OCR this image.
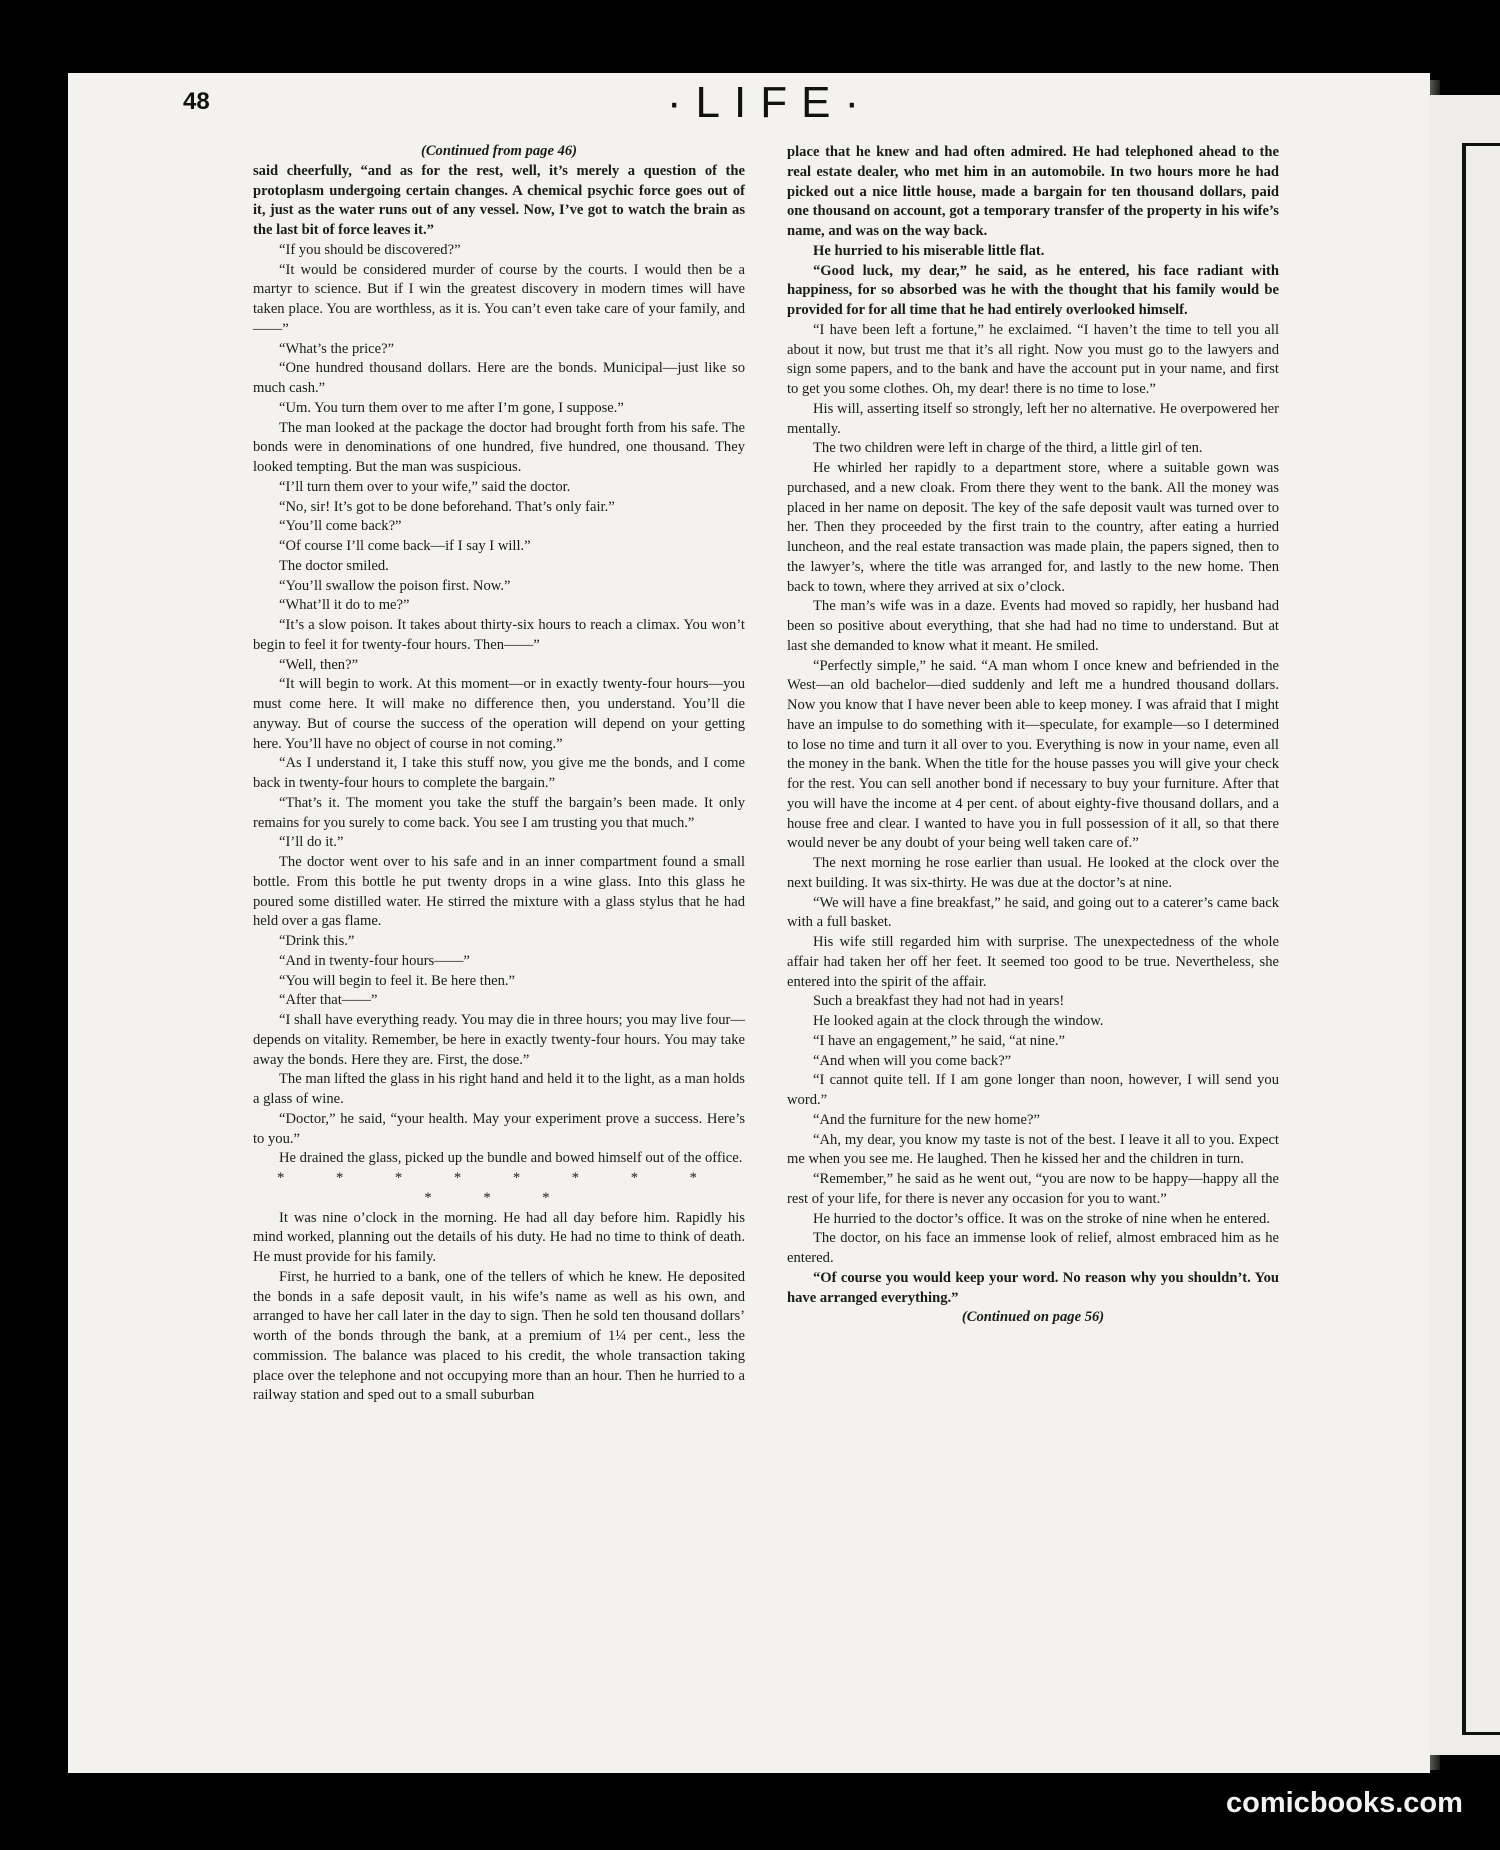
48	·LIFE·

(Continued from page 46)

said cheerfully, “and as for the rest, well, it’s merely a question of the protoplasm undergoing certain changes. A chemical psychic force goes out of it, just as the water runs out of any vessel. Now, I’ve got to watch the brain as the last bit of force leaves it.”

“If you should be discovered?”

“It would be considered murder of course by the courts. I would then be a martyr to science. But if I win the greatest discovery in modern times will have taken place. You are worthless, as it is. You can’t even take care of your family, and——”

“What’s the price?”

“One hundred thousand dollars. Here are the bonds. Municipal—just like so much cash.”

“Um. You turn them over to me after I’m gone, I suppose.”

The man looked at the package the doctor had brought forth from his safe. The bonds were in denominations of one hundred, five hundred, one thousand. They looked tempting. But the man was suspicious.

“I’ll turn them over to your wife,” said the doctor.

“No, sir! It’s got to be done beforehand. That’s only fair.”

“You’ll come back?”

“Of course I’ll come back—if I say I will.”

The doctor smiled.

“You’ll swallow the poison first. Now.”

“What’ll it do to me?”

“It’s a slow poison. It takes about thirty-six hours to reach a climax. You won’t begin to feel it for twenty-four hours. Then——”

“Well, then?”

“It will begin to work. At this moment—or in exactly twenty-four hours—you must come here. It will make no difference then, you understand. You’ll die anyway. But of course the success of the operation will depend on your getting here. You’ll have no object of course in not coming.”

“As I understand it, I take this stuff now, you give me the bonds, and I come back in twenty-four hours to complete the bargain.”

“That’s it. The moment you take the stuff the bargain’s been made. It only remains for you surely to come back. You see I am trusting you that much.”

“I’ll do it.”

The doctor went over to his safe and in an inner compartment found a small bottle. From this bottle he put twenty drops in a wine glass. Into this glass he poured some distilled water. He stirred the mixture with a glass stylus that he had held over a gas flame.

“Drink this.”

“And in twenty-four hours——”

“You will begin to feel it. Be here then.”

“After that——”

“I shall have everything ready. You may die in three hours; you may live four—depends on vitality. Remember, be here in exactly twenty-four hours. You may take away the bonds. Here they are. First, the dose.”

The man lifted the glass in his right hand and held it to the light, as a man holds a glass of wine.

“Doctor,” he said, “your health. May your experiment prove a success. Here’s to you.”

He drained the glass, picked up the bundle and bowed himself out of the office.

* * * * * * * * * * *

It was nine o’clock in the morning. He had all day before him. Rapidly his mind worked, planning out the details of his duty. He had no time to think of death. He must provide for his family.

First, he hurried to a bank, one of the tellers of which he knew. He deposited the bonds in a safe deposit vault, in his wife’s name as well as his own, and arranged to have her call later in the day to sign. Then he sold ten thousand dollars’ worth of the bonds through the bank, at a premium of 1¼ per cent., less the commission. The balance was placed to his credit, the whole transaction taking place over the telephone and not occupying more than an hour. Then he hurried to a railway station and sped out to a small suburban

place that he knew and had often admired. He had telephoned ahead to the real estate dealer, who met him in an automobile. In two hours more he had picked out a nice little house, made a bargain for ten thousand dollars, paid one thousand on account, got a temporary transfer of the property in his wife’s name, and was on the way back.

He hurried to his miserable little flat.

“Good luck, my dear,” he said, as he entered, his face radiant with happiness, for so absorbed was he with the thought that his family would be provided for for all time that he had entirely overlooked himself.

“I have been left a fortune,” he exclaimed. “I haven’t the time to tell you all about it now, but trust me that it’s all right. Now you must go to the lawyers and sign some papers, and to the bank and have the account put in your name, and first to get you some clothes. Oh, my dear! there is no time to lose.”

His will, asserting itself so strongly, left her no alternative. He overpowered her mentally.

The two children were left in charge of the third, a little girl of ten.

He whirled her rapidly to a department store, where a suitable gown was purchased, and a new cloak. From there they went to the bank. All the money was placed in her name on deposit. The key of the safe deposit vault was turned over to her. Then they proceeded by the first train to the country, after eating a hurried luncheon, and the real estate transaction was made plain, the papers signed, then to the lawyer’s, where the title was arranged for, and lastly to the new home. Then back to town, where they arrived at six o’clock.

The man’s wife was in a daze. Events had moved so rapidly, her husband had been so positive about everything, that she had had no time to understand. But at last she demanded to know what it meant. He smiled.

“Perfectly simple,” he said. “A man whom I once knew and befriended in the West—an old bachelor—died suddenly and left me a hundred thousand dollars. Now you know that I have never been able to keep money. I was afraid that I might have an impulse to do something with it—speculate, for example—so I determined to lose no time and turn it all over to you. Everything is now in your name, even all the money in the bank. When the title for the house passes you will give your check for the rest. You can sell another bond if necessary to buy your furniture. After that you will have the income at 4 per cent. of about eighty-five thousand dollars, and a house free and clear. I wanted to have you in full possession of it all, so that there would never be any doubt of your being well taken care of.”

The next morning he rose earlier than usual. He looked at the clock over the next building. It was six-thirty. He was due at the doctor’s at nine.

“We will have a fine breakfast,” he said, and going out to a caterer’s came back with a full basket.

His wife still regarded him with surprise. The unexpectedness of the whole affair had taken her off her feet. It seemed too good to be true. Nevertheless, she entered into the spirit of the affair.

Such a breakfast they had not had in years!

He looked again at the clock through the window.

“I have an engagement,” he said, “at nine.”

“And when will you come back?”

“I cannot quite tell. If I am gone longer than noon, however, I will send you word.”

“And the furniture for the new home?”

“Ah, my dear, you know my taste is not of the best. I leave it all to you. Expect me when you see me. He laughed. Then he kissed her and the children in turn.

“Remember,” he said as he went out, “you are now to be happy—happy all the rest of your life, for there is never any occasion for you to want.”

He hurried to the doctor’s office. It was on the stroke of nine when he entered.

The doctor, on his face an immense look of relief, almost embraced him as he entered.

“Of course you would keep your word. No reason why you shouldn’t. You have arranged everything.”

(Continued on page 56)

comicbooks.com
